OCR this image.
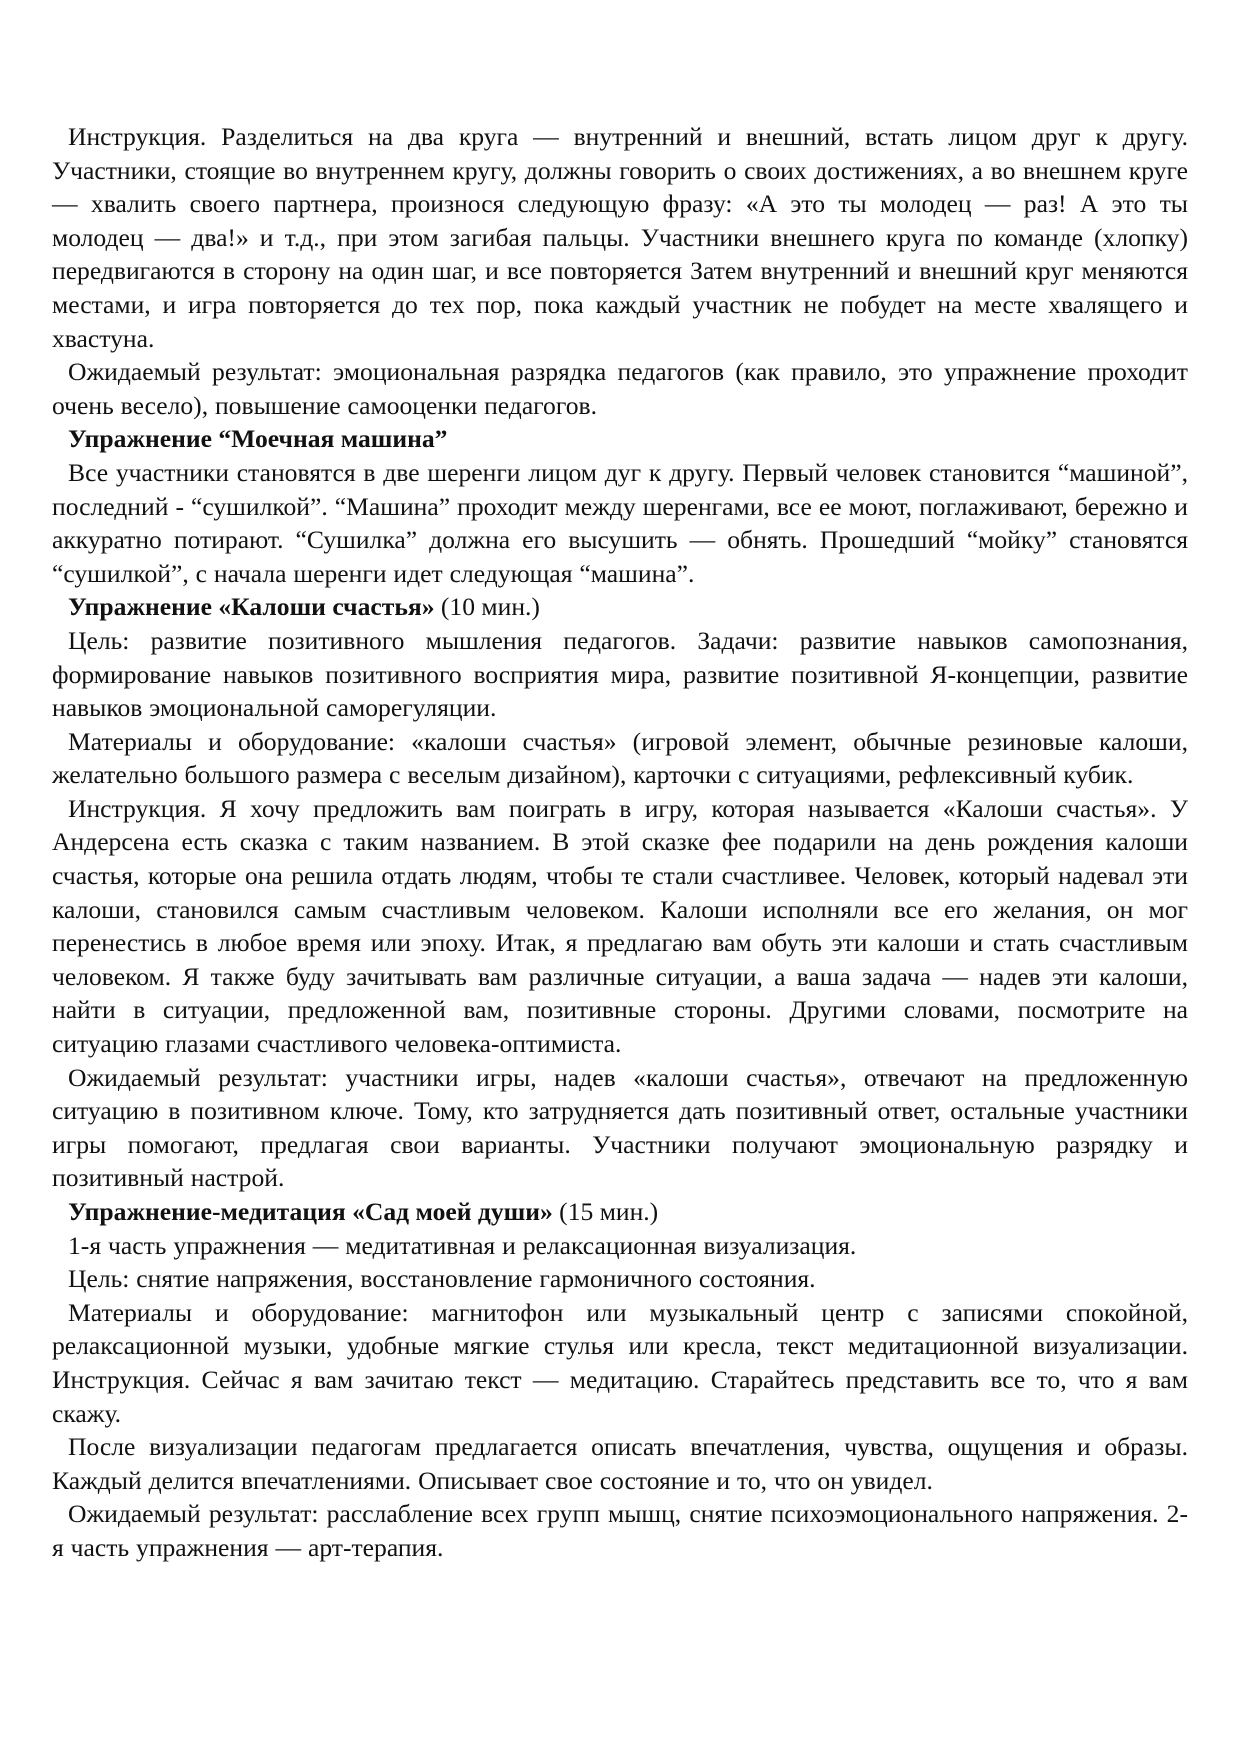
Инструкция. Разделиться на два круга — внутренний и внешний, встать лицом друг к другу. Участники, стоящие во внутреннем кругу, должны говорить о своих достижениях, а во внешнем круге — хвалить своего партнера, произнося следующую фразу: «А это ты молодец — раз! А это ты молодец — два!» и т.д., при этом загибая пальцы. Участники внешнего круга по команде (хлопку) передвигаются в сторону на один шаг, и все повторяется Затем внутренний и внешний круг меняются местами, и игра повторяется до тех пор, пока каждый участник не побудет на месте хвалящего и хвастуна.

Ожидаемый результат: эмоциональная разрядка педагогов (как правило, это упражнение проходит очень весело), повышение самооценки педагогов.

Упражнение “Моечная машина”

Все участники становятся в две шеренги лицом дуг к другу. Первый человек становится “машиной”, последний - “сушилкой”. “Машина” проходит между шеренгами, все ее моют, поглаживают, бережно и аккуратно потирают. “Сушилка” должна его высушить — обнять. Прошедший “мойку” становятся “сушилкой”, с начала шеренги идет следующая “машина”.

Упражнение «Калоши счастья» (10 мин.)

Цель: развитие позитивного мышления педагогов. Задачи: развитие навыков самопознания, формирование навыков позитивного восприятия мира, развитие позитивной Я-концепции, развитие навыков эмоциональной саморегуляции.

Материалы и оборудование: «калоши счастья» (игровой элемент, обычные резиновые калоши, желательно большого размера с веселым дизайном), карточки с ситуациями, рефлексивный кубик.

Инструкция. Я хочу предложить вам поиграть в игру, которая называется «Калоши счастья». У Андерсена есть сказка с таким названием. В этой сказке фее подарили на день рождения калоши счастья, которые она решила отдать людям, чтобы те стали счастливее. Человек, который надевал эти калоши, становился самым счастливым человеком. Калоши исполняли все его желания, он мог перенестись в любое время или эпоху. Итак, я предлагаю вам обуть эти калоши и стать счастливым человеком. Я также буду зачитывать вам различные ситуации, а ваша задача — надев эти калоши, найти в ситуации, предложенной вам, позитивные стороны. Другими словами, посмотрите на ситуацию глазами счастливого человека-оптимиста.

Ожидаемый результат: участники игры, надев «калоши счастья», отвечают на предложенную ситуацию в позитивном ключе. Тому, кто затрудняется дать позитивный ответ, остальные участники игры помогают, предлагая свои варианты. Участники получают эмоциональную разрядку и позитивный настрой.

Упражнение-медитация «Сад моей души» (15 мин.)

1-я часть упражнения — медитативная и релаксационная визуализация.

Цель: снятие напряжения, восстановление гармоничного состояния.

Материалы и оборудование: магнитофон или музыкальный центр с записями спокойной, релаксационной музыки, удобные мягкие стулья или кресла, текст медитационной визуализации. Инструкция. Сейчас я вам зачитаю текст — медитацию. Старайтесь представить все то, что я вам скажу.

После визуализации педагогам предлагается описать впечатления, чувства, ощущения и образы. Каждый делится впечатлениями. Описывает свое состояние и то, что он увидел.

Ожидаемый результат: расслабление всех групп мышц, снятие психоэмоционального напряжения. 2-я часть упражнения — арт-терапия.
